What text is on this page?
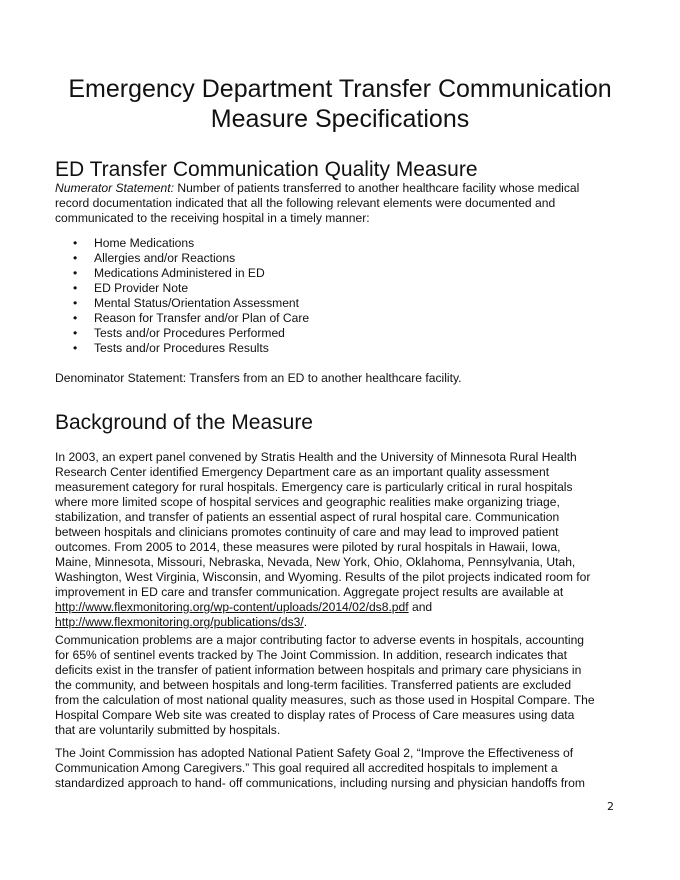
Emergency Department Transfer Communication
Measure Specifications
ED Transfer Communication Quality Measure
Numerator Statement: Number of patients transferred to another healthcare facility whose medical record documentation indicated that all the following relevant elements were documented and communicated to the receiving hospital in a timely manner:
• Home Medications
• Allergies and/or Reactions
• Medications Administered in ED
• ED Provider Note
• Mental Status/Orientation Assessment
• Reason for Transfer and/or Plan of Care
• Tests and/or Procedures Performed
• Tests and/or Procedures Results
Denominator Statement: Transfers from an ED to another healthcare facility.
Background of the Measure
In 2003, an expert panel convened by Stratis Health and the University of Minnesota Rural Health Research Center identified Emergency Department care as an important quality assessment measurement category for rural hospitals. Emergency care is particularly critical in rural hospitals where more limited scope of hospital services and geographic realities make organizing triage, stabilization, and transfer of patients an essential aspect of rural hospital care. Communication between hospitals and clinicians promotes continuity of care and may lead to improved patient outcomes. From 2005 to 2014, these measures were piloted by rural hospitals in Hawaii, Iowa, Maine, Minnesota, Missouri, Nebraska, Nevada, New York, Ohio, Oklahoma, Pennsylvania, Utah, Washington, West Virginia, Wisconsin, and Wyoming. Results of the pilot projects indicated room for improvement in ED care and transfer communication. Aggregate project results are available at http://www.flexmonitoring.org/wp-content/uploads/2014/02/ds8.pdf and
http://www.flexmonitoring.org/publications/ds3/.
Communication problems are a major contributing factor to adverse events in hospitals, accounting for 65% of sentinel events tracked by The Joint Commission. In addition, research indicates that deficits exist in the transfer of patient information between hospitals and primary care physicians in the community, and between hospitals and long-term facilities. Transferred patients are excluded from the calculation of most national quality measures, such as those used in Hospital Compare. The Hospital Compare Web site was created to display rates of Process of Care measures using data that are voluntarily submitted by hospitals.
The Joint Commission has adopted National Patient Safety Goal 2, “Improve the Effectiveness of Communication Among Caregivers.” This goal required all accredited hospitals to implement a standardized approach to hand- off communications, including nursing and physician handoffs from
2
